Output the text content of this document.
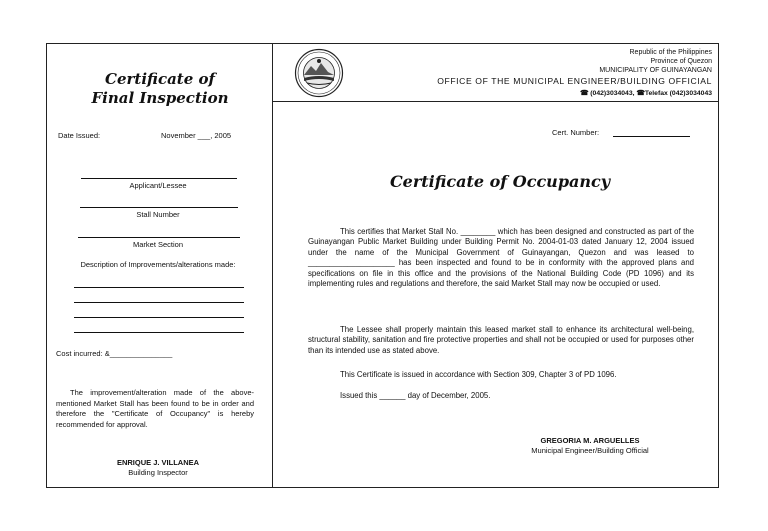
Certificate of
Final Inspection
Date Issued:	November ___, 2005
Applicant/Lessee
Stall Number
Market Section
Description of Improvements/alterations made:
Cost incurred: &_______________
The improvement/alteration made of the above-mentioned Market Stall has been found to be in order and therefore the "Certificate of Occupancy" is hereby recommended for approval.
ENRIQUE J. VILLANEA
Building Inspector
Republic of the Philippines
Province of Quezon
MUNICIPALITY OF GUINAYANGAN
OFFICE OF THE MUNICIPAL ENGINEER/BUILDING OFFICIAL
☎ (042)3034043, ☎Telefax (042)3034043
Cert. Number:
Certificate of Occupancy
This certifies that Market Stall No. ________ which has been designed and constructed as part of the Guinayangan Public Market Building under Building Permit No. 2004-01-03 dated January 12, 2004 issued under the name of the Municipal Government of Guinayangan, Quezon and was leased to ____________________ has been inspected and found to be in conformity with the approved plans and specifications on file in this office and the provisions of the National Building Code (PD 1096) and its implementing rules and regulations and therefore, the said Market Stall may now be occupied or used.
The Lessee shall properly maintain this leased market stall to enhance its architectural well-being, structural stability, sanitation and fire protective properties and shall not be occupied or used for purposes other than its intended use as stated above.
This Certificate is issued in accordance with Section 309, Chapter 3 of PD 1096.
Issued this ______ day of December, 2005.
GREGORIA M. ARGUELLES
Municipal Engineer/Building Official
